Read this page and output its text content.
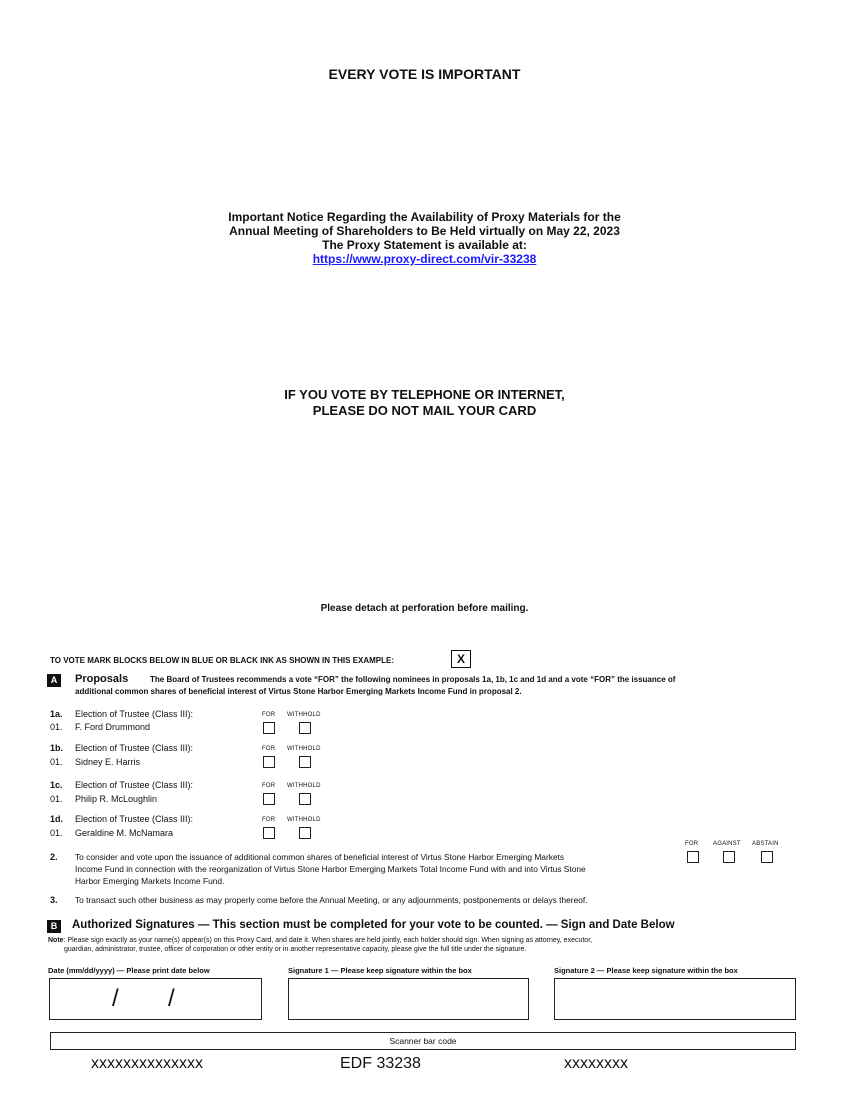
EVERY VOTE IS IMPORTANT
Important Notice Regarding the Availability of Proxy Materials for the
Annual Meeting of Shareholders to Be Held virtually on May 22, 2023
The Proxy Statement is available at:
https://www.proxy-direct.com/vir-33238
IF YOU VOTE BY TELEPHONE OR INTERNET,
PLEASE DO NOT MAIL YOUR CARD
Please detach at perforation before mailing.
TO VOTE MARK BLOCKS BELOW IN BLUE OR BLACK INK AS SHOWN IN THIS EXAMPLE:	X
A	Proposals	The Board of Trustees recommends a vote “FOR” the following nominees in proposals 1a, 1b, 1c and 1d and a vote “FOR” the issuance of
additional common shares of beneficial interest of Virtus Stone Harbor Emerging Markets Income Fund in proposal 2.
1a. Election of Trustee (Class III):
01. F. Ford Drummond
FOR WITHHOLD
1b. Election of Trustee (Class III):
01. Sidney E. Harris
FOR WITHHOLD
1c. Election of Trustee (Class III):
01. Philip R. McLoughlin
FOR WITHHOLD
1d. Election of Trustee (Class III):
01. Geraldine M. McNamara
FOR WITHHOLD
2. To consider and vote upon the issuance of additional common shares of beneficial interest of Virtus Stone Harbor Emerging Markets
Income Fund in connection with the reorganization of Virtus Stone Harbor Emerging Markets Total Income Fund with and into Virtus Stone
Harbor Emerging Markets Income Fund.
FOR AGAINST ABSTAIN
3. To transact such other business as may properly come before the Annual Meeting, or any adjournments, postponements or delays thereof.
B	Authorized Signatures — This section must be completed for your vote to be counted. — Sign and Date Below
Note: Please sign exactly as your name(s) appear(s) on this Proxy Card, and date it. When shares are held jointly, each holder should sign. When signing as attorney, executor,
guardian, administrator, trustee, officer of corporation or other entity or in another representative capacity, please give the full title under the signature.
Date (mm/dd/yyyy) — Please print date below	Signature 1 — Please keep signature within the box	Signature 2 — Please keep signature within the box
/ /
Scanner bar code
xxxxxxxxxxxxxx	EDF 33238	xxxxxxxx
